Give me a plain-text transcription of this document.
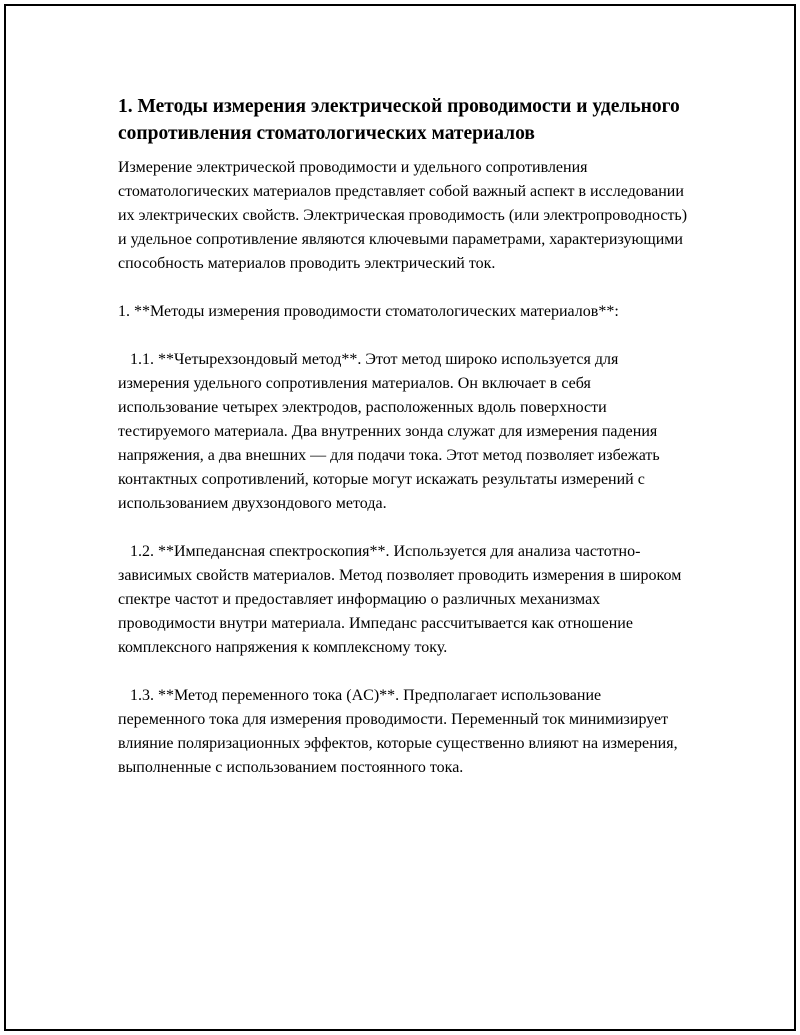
1. Методы измерения электрической проводимости и удельного сопротивления стоматологических материалов
Измерение электрической проводимости и удельного сопротивления стоматологических материалов представляет собой важный аспект в исследовании их электрических свойств. Электрическая проводимость (или электропроводность) и удельное сопротивление являются ключевыми параметрами, характеризующими способность материалов проводить электрический ток.
1. **Методы измерения проводимости стоматологических материалов**:
1.1. **Четырехзондовый метод**. Этот метод широко используется для измерения удельного сопротивления материалов. Он включает в себя использование четырех электродов, расположенных вдоль поверхности тестируемого материала. Два внутренних зонда служат для измерения падения напряжения, а два внешних — для подачи тока. Этот метод позволяет избежать контактных сопротивлений, которые могут искажать результаты измерений с использованием двухзондового метода.
1.2. **Импедансная спектроскопия**. Используется для анализа частотно-зависимых свойств материалов. Метод позволяет проводить измерения в широком спектре частот и предоставляет информацию о различных механизмах проводимости внутри материала. Импеданс рассчитывается как отношение комплексного напряжения к комплексному току.
1.3. **Метод переменного тока (AC)**. Предполагает использование переменного тока для измерения проводимости. Переменный ток минимизирует влияние поляризационных эффектов, которые существенно влияют на измерения, выполненные с использованием постоянного тока.
